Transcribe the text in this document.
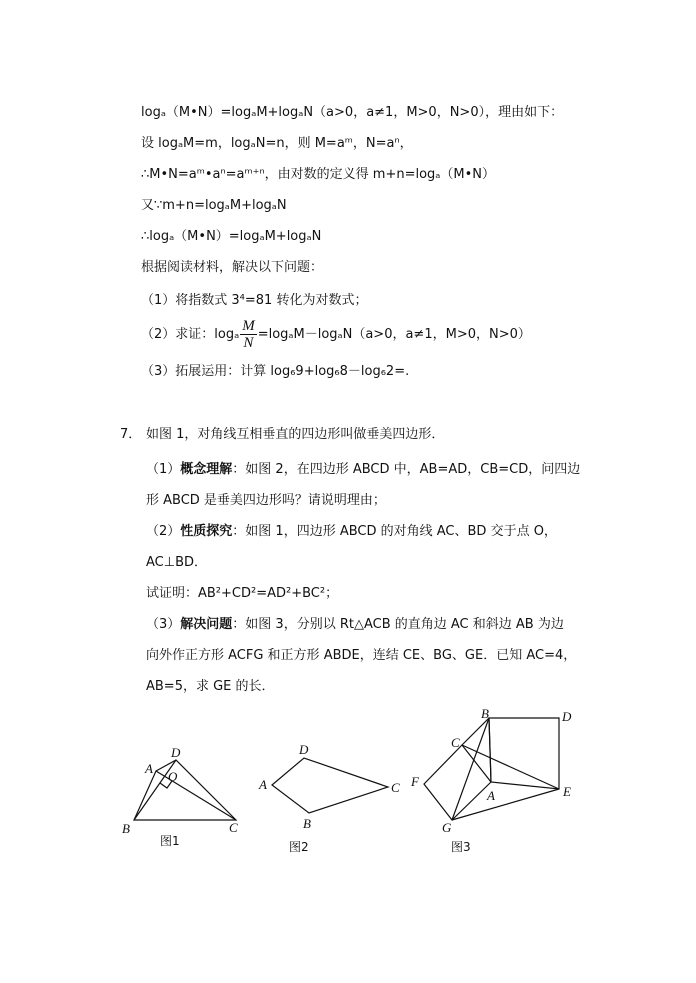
logₐ（M•N）=logₐM+logₐN（a>0，a≠1，M>0，N>0），理由如下：
设 logₐM=m，logₐN=n，则 M=aᵐ，N=aⁿ，
∴M•N=aᵐ•aⁿ=aᵐ⁺ⁿ，由对数的定义得 m+n=logₐ（M•N）
又∵m+n=logₐM+logₐN
∴logₐ（M•N）=logₐM+logₐN
根据阅读材料，解决以下问题：
（1）将指数式 3⁴=81 转化为对数式；
（2）求证：logₐ $\frac{M}{N} =\log_aM-\log_aN(a>0$，a≠1，M>0，N>0）
（3）拓展运用：计算 log₆9+log₆8－log₆2=.
7． 如图 1，对角线互相垂直的四边形叫做垂美四边形．
（1）概念理解：如图 2，在四边形 ABCD 中，AB=AD，CB=CD，问四边
形 ABCD 是垂美四边形吗？请说明理由；
（2）性质探究：如图 1，四边形 ABCD 的对角线 AC、BD 交于点 O，
AC⊥BD．
试证明：AB²+CD²=AD²+BC²；
（3）解决问题：如图 3，分别以 Rt△ACB 的直角边 AC 和斜边 AB 为边
向外作正方形 ACFG 和正方形 ABDE，连结 CE、BG、GE．已知 AC=4，
AB=5，求 GE 的长．
A
D
O
B	C
图1
D
A	C
B
图2
B	D
C
F
A	E
G
图3
